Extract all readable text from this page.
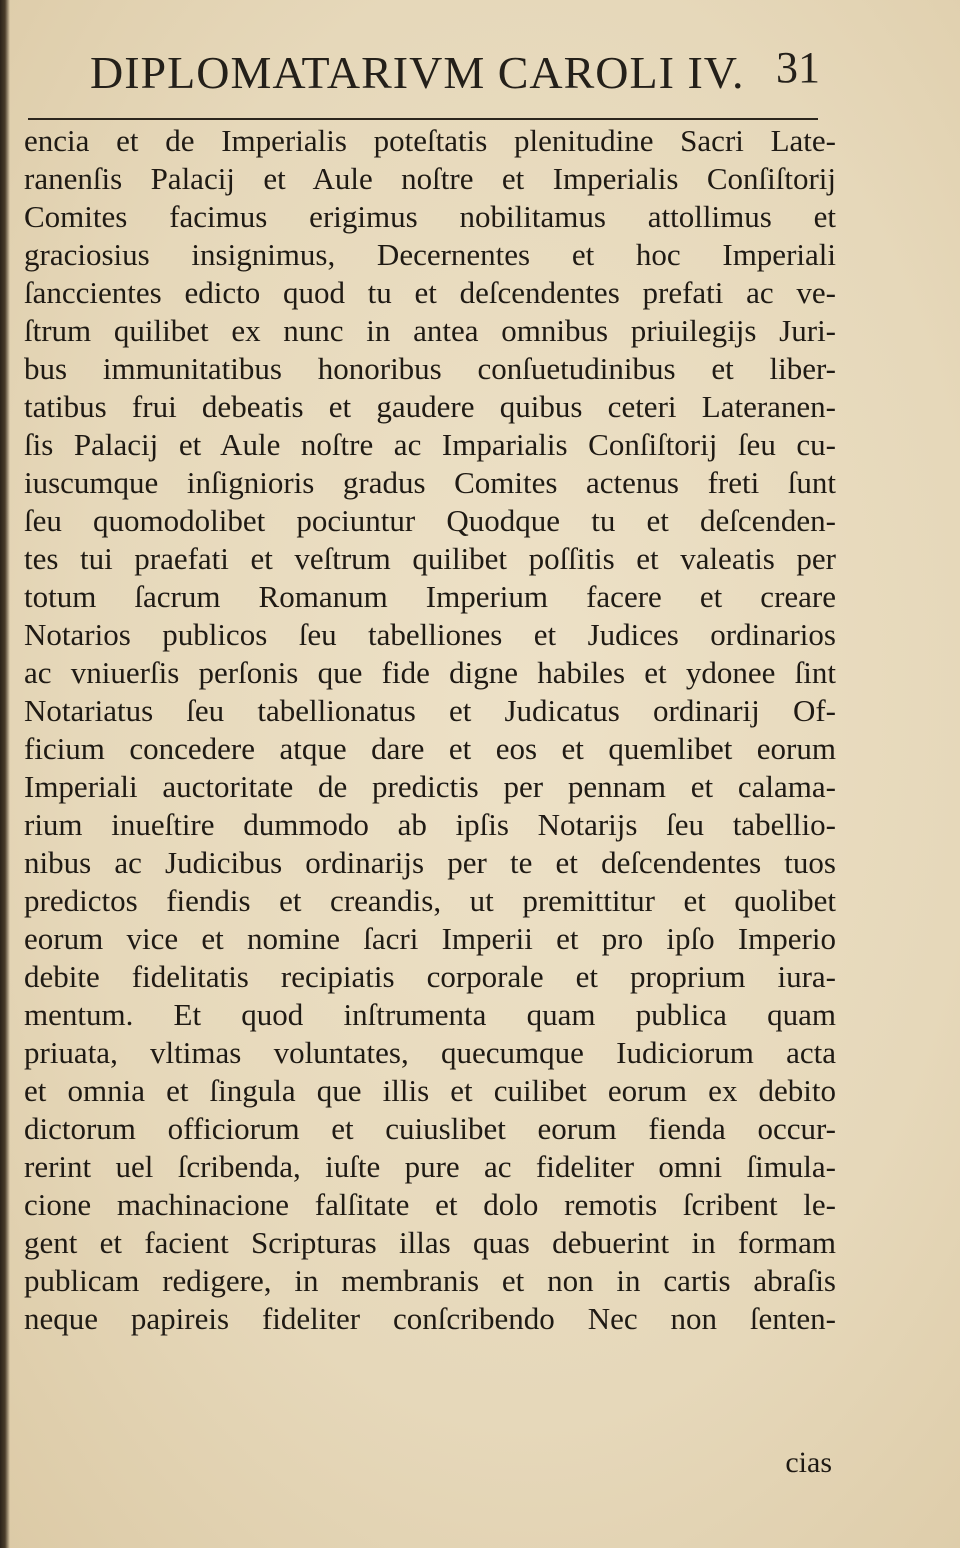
DIPLOMATARIVM CAROLI IV. 31
encia et de Imperialis poteſtatis plenitudine Sacri Late-
ranenſis Palacij et Aule noſtre et Imperialis Conſiſtorij
Comites facimus erigimus nobilitamus attollimus et
graciosius insignimus, Decernentes et hoc Imperiali
ſanccientes edicto quod tu et deſcendentes prefati ac ve-
ſtrum quilibet ex nunc in antea omnibus priuilegijs Juri-
bus immunitatibus honoribus conſuetudinibus et liber-
tatibus frui debeatis et gaudere quibus ceteri Lateranen-
ſis Palacij et Aule noſtre ac Imparialis Conſiſtorij ſeu cu-
iuscumque inſignioris gradus Comites actenus freti ſunt
ſeu quomodolibet pociuntur Quodque tu et deſcenden-
tes tui praefati et veſtrum quilibet poſſitis et valeatis per
totum ſacrum Romanum Imperium facere et creare
Notarios publicos ſeu tabelliones et Judices ordinarios
ac vniuerſis perſonis que fide digne habiles et ydonee ſint
Notariatus ſeu tabellionatus et Judicatus ordinarij Of-
ficium concedere atque dare et eos et quemlibet eorum
Imperiali auctoritate de predictis per pennam et calama-
rium inueſtire dummodo ab ipſis Notarijs ſeu tabellio-
nibus ac Judicibus ordinarijs per te et deſcendentes tuos
predictos fiendis et creandis, ut premittitur et quolibet
eorum vice et nomine ſacri Imperii et pro ipſo Imperio
debite fidelitatis recipiatis corporale et proprium iura-
mentum. Et quod inſtrumenta quam publica quam
priuata, vltimas voluntates, quecumque Iudiciorum acta
et omnia et ſingula que illis et cuilibet eorum ex debito
dictorum officiorum et cuiuslibet eorum fienda occur-
rerint uel ſcribenda, iuſte pure ac fideliter omni ſimula-
cione machinacione falſitate et dolo remotis ſcribent le-
gent et facient Scripturas illas quas debuerint in formam
publicam redigere, in membranis et non in cartis abraſis
neque papireis fideliter conſcribendo Nec non ſenten-
cias
